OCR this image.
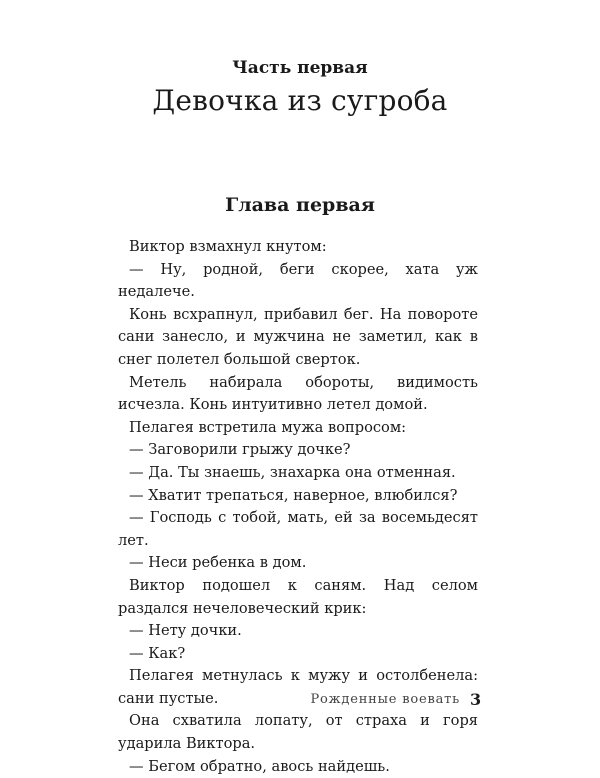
Часть первая
Девочка из сугроба
Глава первая

Виктор взмахнул кнутом:

— Ну, родной, беги скорее, хата уж недалече.

Конь всхрапнул, прибавил бег. На повороте сани занесло, и мужчина не заметил, как в снег полетел большой сверток.

Метель набирала обороты, видимость исчезла. Конь интуитивно летел домой.

Пелагея встретила мужа вопросом:

— Заговорили грыжу дочке?

— Да. Ты знаешь, знахарка она отменная.

— Хватит трепаться, наверное, влюбился?

— Господь с тобой, мать, ей за восемьдесят лет.

— Неси ребенка в дом.

Виктор подошел к саням. Над селом раздался нечеловеческий крик:

— Нету дочки.

— Как?

Пелагея метнулась к мужу и остолбенела: сани пустые.

Она схватила лопату, от страха и горя ударила Виктора.

— Бегом обратно, авось найдешь.

Рожденные воевать 3
